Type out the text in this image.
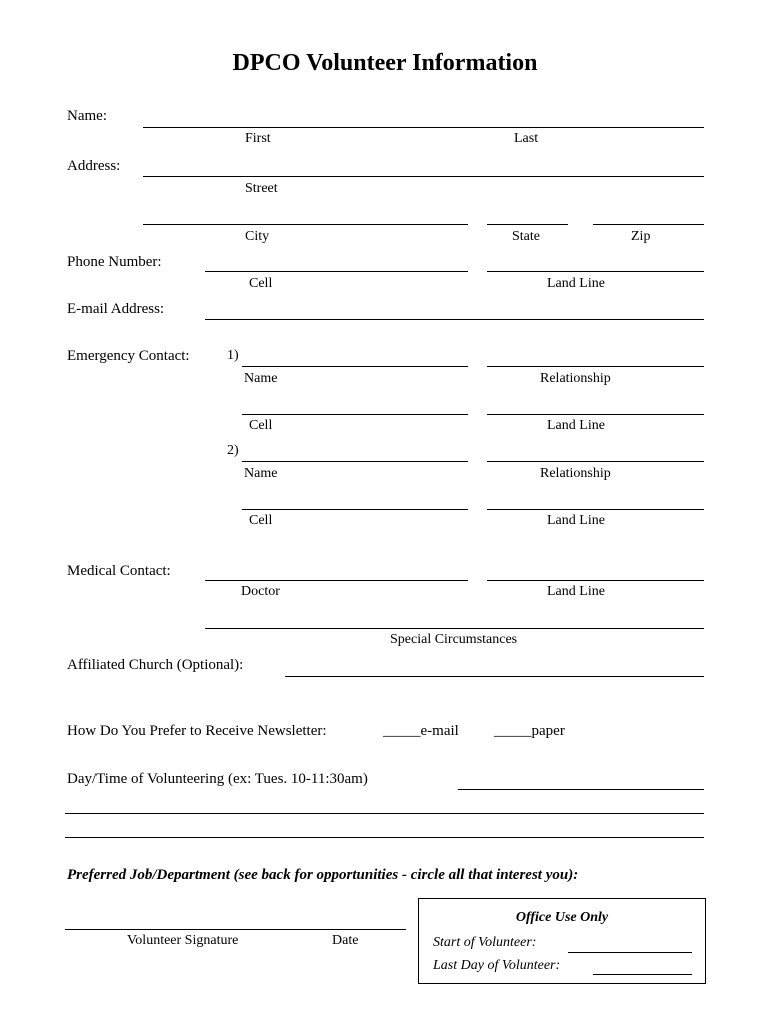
DPCO Volunteer Information
Name:
First	Last
Address:
Street
City	State	Zip
Phone Number:
Cell	Land Line
E-mail Address:
Emergency Contact:	1)
Name	Relationship
Cell	Land Line
2)
Name	Relationship
Cell	Land Line
Medical Contact:
Doctor	Land Line
Special Circumstances
Affiliated Church (Optional):
How Do You Prefer to Receive Newsletter:	_____e-mail _____paper
Day/Time of Volunteering (ex: Tues. 10-11:30am)
Preferred Job/Department (see back for opportunities - circle all that interest you):
Volunteer Signature	Date
Office Use Only
Start of Volunteer:
Last Day of Volunteer:
